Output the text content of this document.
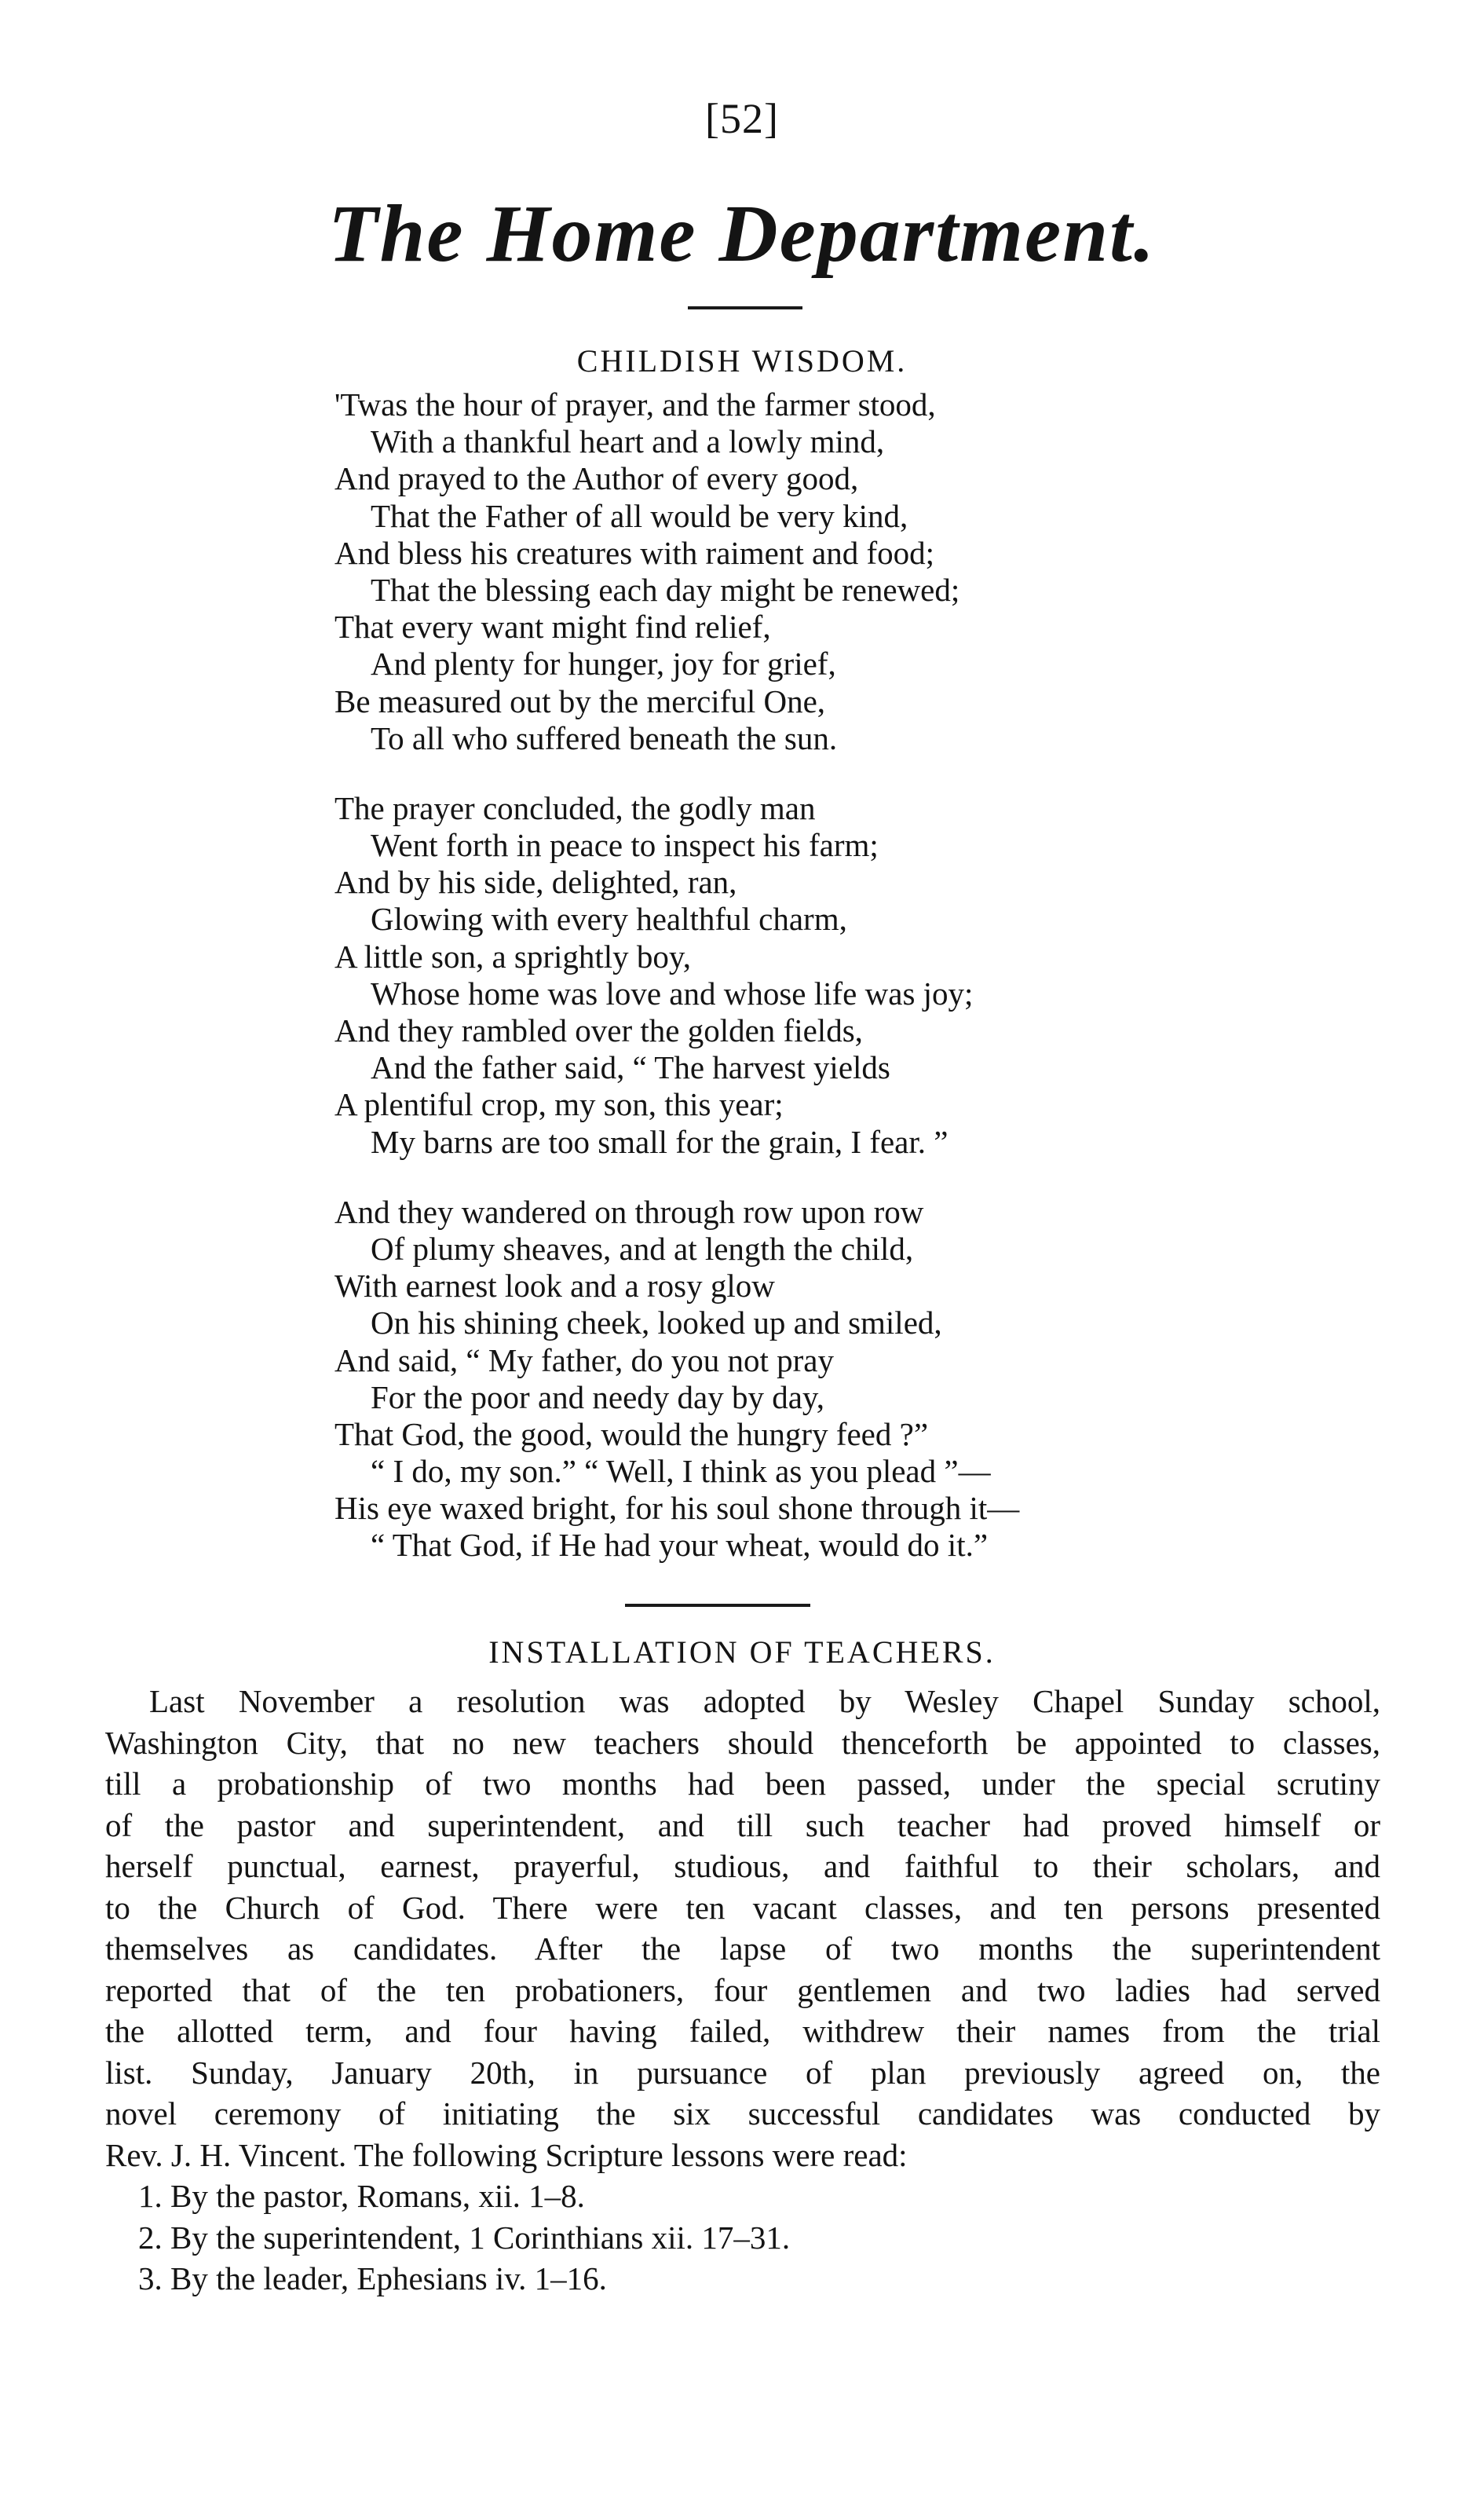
[52]
The Home Department.
CHILDISH WISDOM.
'Twas the hour of prayer, and the farmer stood,
With a thankful heart and a lowly mind,
And prayed to the Author of every good,
That the Father of all would be very kind,
And bless his creatures with raiment and food;
That the blessing each day might be renewed;
That every want might find relief,
And plenty for hunger, joy for grief,
Be measured out by the merciful One,
To all who suffered beneath the sun.
The prayer concluded, the godly man
Went forth in peace to inspect his farm;
And by his side, delighted, ran,
Glowing with every healthful charm,
A little son, a sprightly boy,
Whose home was love and whose life was joy;
And they rambled over the golden fields,
And the father said, “ The harvest yields
A plentiful crop, my son, this year;
My barns are too small for the grain, I fear. ”
And they wandered on through row upon row
Of plumy sheaves, and at length the child,
With earnest look and a rosy glow
On his shining cheek, looked up and smiled,
And said, “ My father, do you not pray
For the poor and needy day by day,
That God, the good, would the hungry feed ?”
“ I do, my son.” “ Well, I think as you plead ”—
His eye waxed bright, for his soul shone through it—
“ That God, if He had your wheat, would do it.”
INSTALLATION OF TEACHERS.
Last November a resolution was adopted by Wesley Chapel Sunday school,
Washington City, that no new teachers should thenceforth be appointed to classes,
till a probationship of two months had been passed, under the special scrutiny
of the pastor and superintendent, and till such teacher had proved himself or
herself punctual, earnest, prayerful, studious, and faithful to their scholars, and
to the Church of God. There were ten vacant classes, and ten persons presented
themselves as candidates. After the lapse of two months the superintendent
reported that of the ten probationers, four gentlemen and two ladies had served
the allotted term, and four having failed, withdrew their names from the trial
list. Sunday, January 20th, in pursuance of plan previously agreed on, the
novel ceremony of initiating the six successful candidates was conducted by
Rev. J. H. Vincent. The following Scripture lessons were read:
1. By the pastor, Romans, xii. 1–8.
2. By the superintendent, 1 Corinthians xii. 17–31.
3. By the leader, Ephesians iv. 1–16.
